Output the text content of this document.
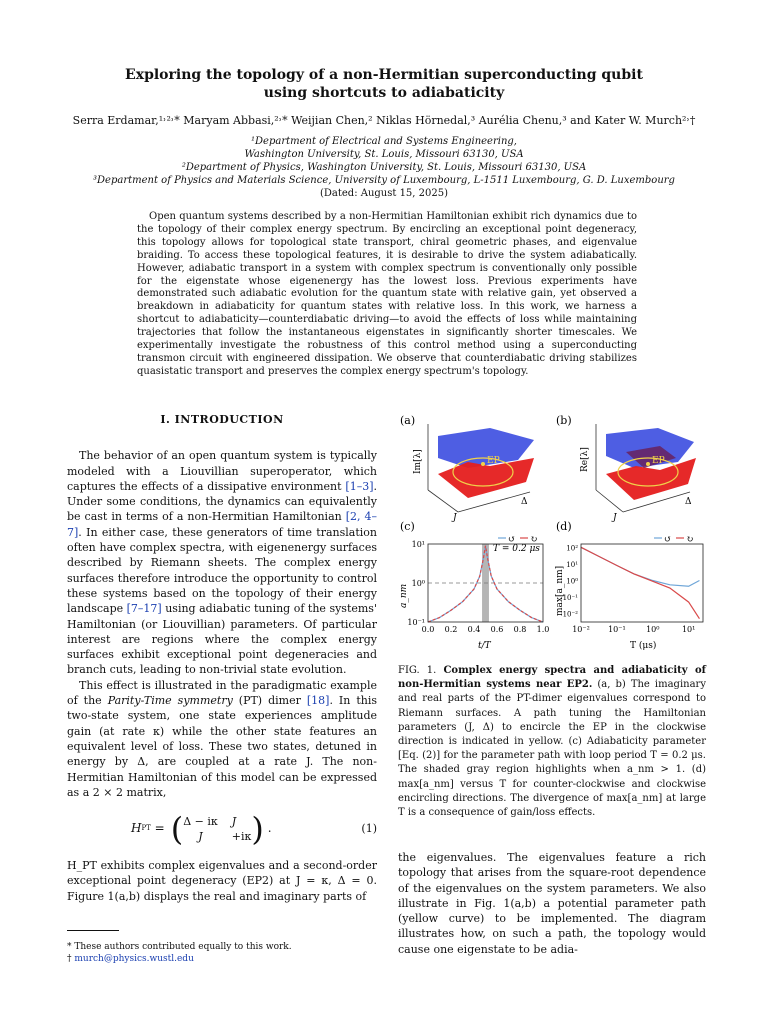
Exploring the topology of a non-Hermitian superconducting qubit
using shortcuts to adiabaticity
Serra Erdamar,¹˒²˒* Maryam Abbasi,²˒* Weijian Chen,² Niklas Hörnedal,³ Aurélia Chenu,³ and Kater W. Murch²˒†
¹Department of Electrical and Systems Engineering,
Washington University, St. Louis, Missouri 63130, USA
²Department of Physics, Washington University, St. Louis, Missouri 63130, USA
³Department of Physics and Materials Science, University of Luxembourg, L-1511 Luxembourg, G. D. Luxembourg
(Dated: August 15, 2025)
Open quantum systems described by a non-Hermitian Hamiltonian exhibit rich dynamics due to the topology of their complex energy spectrum. By encircling an exceptional point degeneracy, this topology allows for topological state transport, chiral geometric phases, and eigenvalue braiding. To access these topological features, it is desirable to drive the system adiabatically. However, adiabatic transport in a system with complex spectrum is conventionally only possible for the eigenstate whose eigenenergy has the lowest loss. Previous experiments have demonstrated such adiabatic evolution for the quantum state with relative gain, yet observed a breakdown in adiabaticity for quantum states with relative loss. In this work, we harness a shortcut to adiabaticity—counterdiabatic driving—to avoid the effects of loss while maintaining trajectories that follow the instantaneous eigenstates in significantly shorter timescales. We experimentally investigate the robustness of this control method using a superconducting transmon circuit with engineered dissipation. We observe that counterdiabatic driving stabilizes quasistatic transport and preserves the complex energy spectrum's topology.
I. INTRODUCTION

The behavior of an open quantum system is typically modeled with a Liouvillian superoperator, which captures the effects of a dissipative environment [1–3]. Under some conditions, the dynamics can equivalently be cast in terms of a non-Hermitian Hamiltonian [2, 4–7]. In either case, these generators of time translation often have complex spectra, with eigenenergy surfaces described by Riemann sheets. The complex energy surfaces therefore introduce the opportunity to control these systems based on the topology of their energy landscape [7–17] using adiabatic tuning of the systems' Hamiltonian (or Liouvillian) parameters. Of particular interest are regions where the complex energy surfaces exhibit exceptional point degeneracies and branch cuts, leading to non-trivial state evolution.

This effect is illustrated in the paradigmatic example of the Parity-Time symmetry (PT) dimer [18]. In this two-state system, one state experiences amplitude gain (at rate κ) while the other state features an equivalent level of loss. These two states, detuned in energy by Δ, are coupled at a rate J. The non-Hermitian Hamiltonian of this model can be expressed as a 2 × 2 matrix,

H PT = ( Δ − iκ J
J	+iκ ) .	(1)

H_PT exhibits complex eigenvalues and a second-order exceptional point degeneracy (EP2) at J = κ, Δ = 0. Figure 1(a,b) displays the real and imaginary parts of

* These authors contributed equally to this work.
† murch@physics.wustl.edu
(a)
EP
Im[λ]
J
Δ
(b)
EP
Re[λ]
J
Δ
(c)
0.0 0.2 0.4 0.6 0.8 1.0
10⁻¹
10⁰
10¹	T = 0.2 μs
a_nm
t/T
(d)
10⁻² 10⁻¹	10⁰	10¹
10⁻²
10⁻¹
10⁰
10¹
10²
max[a_nm]
T (μs)
↺ ↻	↺ ↻
FIG. 1. Complex energy spectra and adiabaticity of non-Hermitian systems near EP2. (a, b) The imaginary and real parts of the PT-dimer eigenvalues correspond to Riemann surfaces. A path tuning the Hamiltonian parameters (J, Δ) to encircle the EP in the clockwise direction is indicated in yellow. (c) Adiabaticity parameter [Eq. (2)] for the parameter path with loop period T = 0.2 μs. The shaded gray region highlights when a_nm > 1. (d) max[a_nm] versus T for counter-clockwise and clockwise encircling directions. The divergence of max[a_nm] at large T is a consequence of gain/loss effects.

the eigenvalues. The eigenvalues feature a rich topology that arises from the square-root dependence of the eigenvalues on the system parameters. We also illustrate in Fig. 1(a,b) a potential parameter path (yellow curve) to be implemented. The diagram illustrates how, on such a path, the topology would cause one eigenstate to be adia-
